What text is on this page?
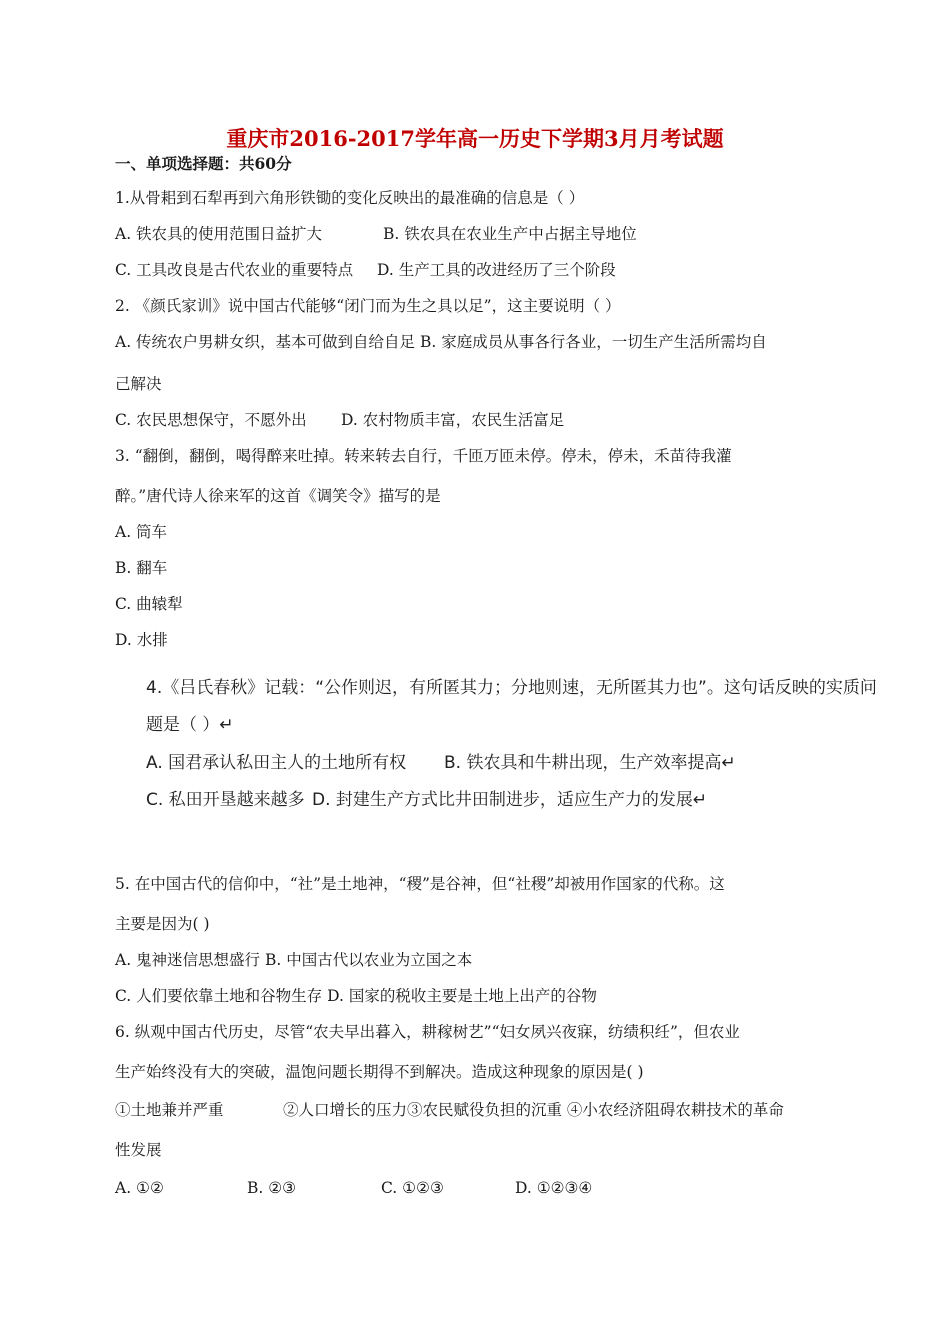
重庆市2016-2017学年高一历史下学期3月月考试题
一、单项选择题：共60分
1.从骨耜到石犁再到六角形铁锄的变化反映出的最准确的信息是（ ）
A. 铁农具的使用范围日益扩大	B. 铁农具在农业生产中占据主导地位
C. 工具改良是古代农业的重要特点 D. 生产工具的改进经历了三个阶段
2. 《颜氏家训》说中国古代能够“闭门而为生之具以足”，这主要说明（ ）
A. 传统农户男耕女织，基本可做到自给自足 B. 家庭成员从事各行各业，一切生产生活所需均自
己解决
C. 农民思想保守，不愿外出 D. 农村物质丰富，农民生活富足
3. “翻倒，翻倒，喝得醉来吐掉。转来转去自行，千匝万匝未停。停未，停未，禾苗待我灌
醉。”唐代诗人徐来军的这首《调笑令》描写的是
A. 筒车
B. 翻车
C. 曲辕犁
D. 水排
4.《吕氏春秋》记载：“公作则迟，有所匿其力；分地则速，无所匿其力也”。这句话反映的实质问
题是（ ）↵
A. 国君承认私田主人的土地所有权 B. 铁农具和牛耕出现，生产效率提高↵
C. 私田开垦越来越多 D. 封建生产方式比井田制进步，适应生产力的发展↵
5. 在中国古代的信仰中，“社”是土地神，“稷”是谷神，但“社稷”却被用作国家的代称。这
主要是因为( )
A. 鬼神迷信思想盛行 B. 中国古代以农业为立国之本
C. 人们要依靠土地和谷物生存 D. 国家的税收主要是土地上出产的谷物
6. 纵观中国古代历史，尽管“农夫早出暮入，耕稼树艺”“妇女夙兴夜寐，纺绩积纴”，但农业
生产始终没有大的突破，温饱问题长期得不到解决。造成这种现象的原因是( )
①土地兼并严重	②人口增长的压力③农民赋役负担的沉重 ④小农经济阻碍农耕技术的革命
性发展
A. ①②	B. ②③	C. ①②③	D. ①②③④
